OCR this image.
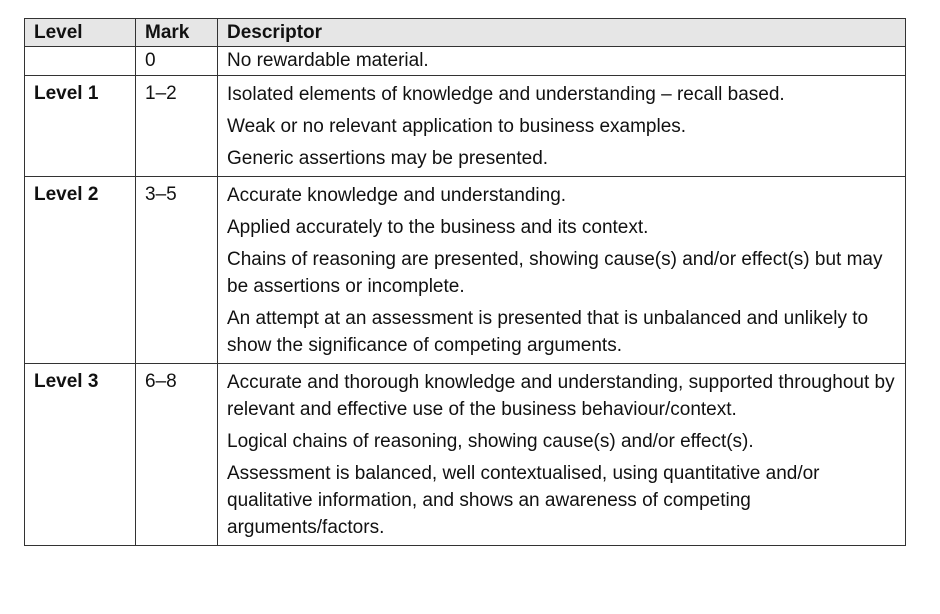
Level	Mark	Descriptor
	0	No rewardable material.

Level 1	1–2	Isolated elements of knowledge and understanding – recall based.
Weak or no relevant application to business examples.
Generic assertions may be presented.

Level 2	3–5	Accurate knowledge and understanding.
Applied accurately to the business and its context.
Chains of reasoning are presented, showing cause(s) and/or effect(s) but may be assertions or incomplete.
An attempt at an assessment is presented that is unbalanced and unlikely to show the significance of competing arguments.

Level 3	6–8	Accurate and thorough knowledge and understanding, supported throughout by relevant and effective use of the business behaviour/context.
Logical chains of reasoning, showing cause(s) and/or effect(s).
Assessment is balanced, well contextualised, using quantitative and/or qualitative information, and shows an awareness of competing arguments/factors.
